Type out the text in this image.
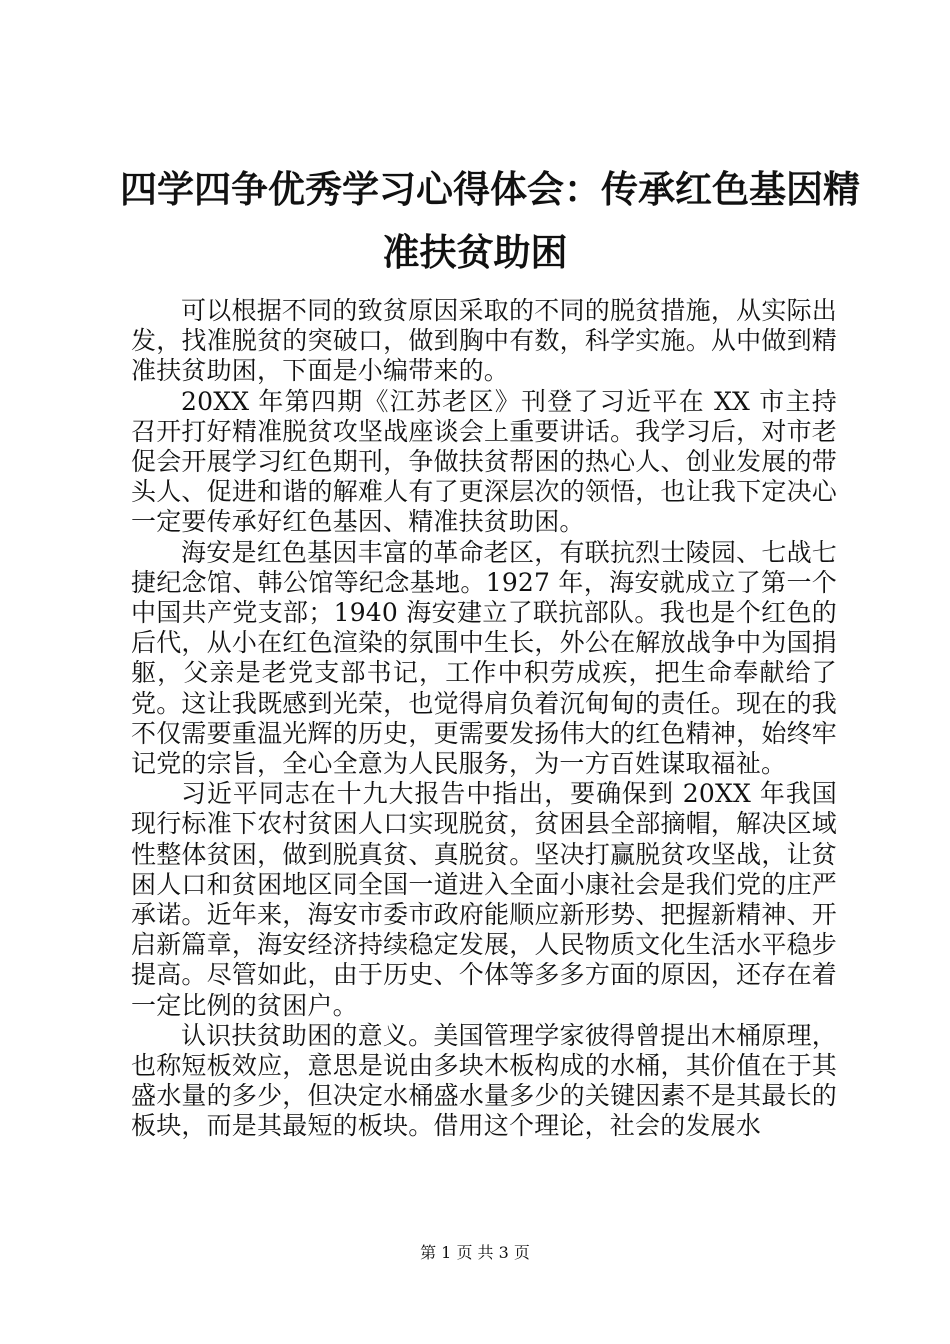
四学四争优秀学习心得体会：传承红色基因精
准扶贫助困

可以根据不同的致贫原因采取的不同的脱贫措施，从实际出发，找准脱贫的突破口，做到胸中有数，科学实施。从中做到精准扶贫助困，下面是小编带来的。

20XX 年第四期《江苏老区》刊登了习近平在 XX 市主持召开打好精准脱贫攻坚战座谈会上重要讲话。我学习后，对市老促会开展学习红色期刊，争做扶贫帮困的热心人、创业发展的带头人、促进和谐的解难人有了更深层次的领悟，也让我下定决心一定要传承好红色基因、精准扶贫助困。

海安是红色基因丰富的革命老区，有联抗烈士陵园、七战七捷纪念馆、韩公馆等纪念基地。1927 年，海安就成立了第一个中国共产党支部；1940 海安建立了联抗部队。我也是个红色的后代，从小在红色渲染的氛围中生长，外公在解放战争中为国捐躯，父亲是老党支部书记，工作中积劳成疾，把生命奉献给了党。这让我既感到光荣，也觉得肩负着沉甸甸的责任。现在的我不仅需要重温光辉的历史，更需要发扬伟大的红色精神，始终牢记党的宗旨，全心全意为人民服务，为一方百姓谋取福祉。

习近平同志在十九大报告中指出，要确保到 20XX 年我国现行标准下农村贫困人口实现脱贫，贫困县全部摘帽，解决区域性整体贫困，做到脱真贫、真脱贫。坚决打赢脱贫攻坚战，让贫困人口和贫困地区同全国一道进入全面小康社会是我们党的庄严承诺。近年来，海安市委市政府能顺应新形势、把握新精神、开启新篇章，海安经济持续稳定发展，人民物质文化生活水平稳步提高。尽管如此，由于历史、个体等多多方面的原因，还存在着一定比例的贫困户。

认识扶贫助困的意义。美国管理学家彼得曾提出木桶原理，也称短板效应，意思是说由多块木板构成的水桶，其价值在于其盛水量的多少，但决定水桶盛水量多少的关键因素不是其最长的板块，而是其最短的板块。借用这个理论，社会的发展水

第 1 页 共 3 页
